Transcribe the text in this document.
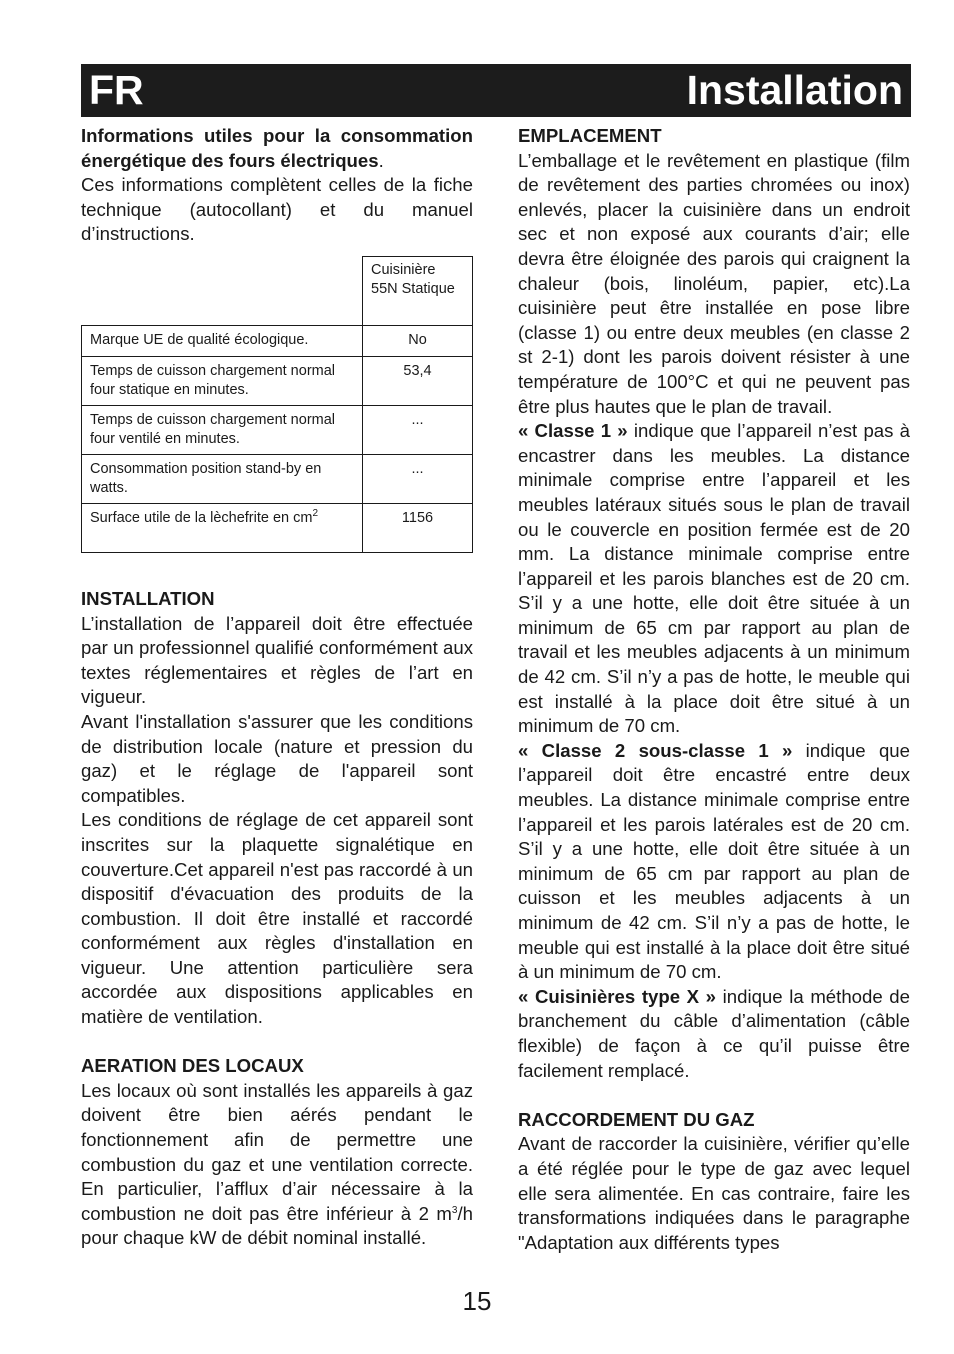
FR	Installation

Informations utiles pour la consommation énergétique des fours électriques.

Ces informations complètent celles de la fiche technique (autocollant) et du manuel d’instructions.

	Cuisinière 55N Statique
Marque UE de qualité écologique.	No
Temps de cuisson chargement normal four statique en minutes.	53,4
Temps de cuisson chargement normal four ventilé en minutes.	...
Consommation position stand-by en watts.	...
Surface utile de la lèchefrite en $cm^2$	1156
INSTALLATION

L’installation de l’appareil doit être effectuée par un professionnel qualifié conformément aux textes réglementaires et règles de l’art en vigueur.

Avant l'installation s'assurer que les conditions de distribution locale (nature et pression du gaz) et le réglage de l'appareil sont compatibles.

Les conditions de réglage de cet appareil sont inscrites sur la plaquette signalétique en couverture.Cet appareil n'est pas raccordé à un dispositif d'évacuation des produits de la combustion. Il doit être installé et raccordé conformément aux règles d'installation en vigueur. Une attention particulière sera accordée aux dispositions applicables en matière de ventilation.

AERATION DES LOCAUX

Les locaux où sont installés les appareils à gaz doivent être bien aérés pendant le fonctionnement afin de permettre une combustion du gaz et une ventilation correcte. En particulier, l’afflux d’air nécessaire à la combustion ne doit pas être inférieur à 2 $m^3/h$ pour chaque kW de débit nominal installé.

EMPLACEMENT

L’emballage et le revêtement en plastique (film de revêtement des parties chromées ou inox) enlevés, placer la cuisinière dans un endroit sec et non exposé aux courants d’air; elle devra être éloignée des parois qui craignent la chaleur (bois, linoléum, papier, etc).La cuisinière peut être installée en pose libre (classe 1) ou entre deux meubles (en classe 2 st 2-1) dont les parois doivent résister à une température de 100°C et qui ne peuvent pas être plus hautes que le plan de travail.

« Classe 1 » indique que l’appareil n’est pas à encastrer dans les meubles. La distance minimale comprise entre l’appareil et les meubles latéraux situés sous le plan de travail ou le couvercle en position fermée est de 20 mm. La distance minimale comprise entre l’appareil et les parois blanches est de 20 cm. S’il y a une hotte, elle doit être située à un minimum de 65 cm par rapport au plan de travail et les meubles adjacents à un minimum de 42 cm. S’il n’y a pas de hotte, le meuble qui est installé à la place doit être situé à un minimum de 70 cm.

« Classe 2 sous-classe 1 » indique que l’appareil doit être encastré entre deux meubles. La distance minimale comprise entre l’appareil et les parois latérales est de 20 cm. S’il y a une hotte, elle doit être située à un minimum de 65 cm par rapport au plan de cuisson et les meubles adjacents à un minimum de 42 cm. S’il n’y a pas de hotte, le meuble qui est installé à la place doit être situé à un minimum de 70 cm.

« Cuisinières type X » indique la méthode de branchement du câble d’alimentation (câble flexible) de façon à ce qu’il puisse être facilement remplacé.

RACCORDEMENT DU GAZ

Avant de raccorder la cuisinière, vérifier qu’elle a été réglée pour le type de gaz avec lequel elle sera alimentée. En cas contraire, faire les transformations indiquées dans le paragraphe "Adaptation aux différents types

15
